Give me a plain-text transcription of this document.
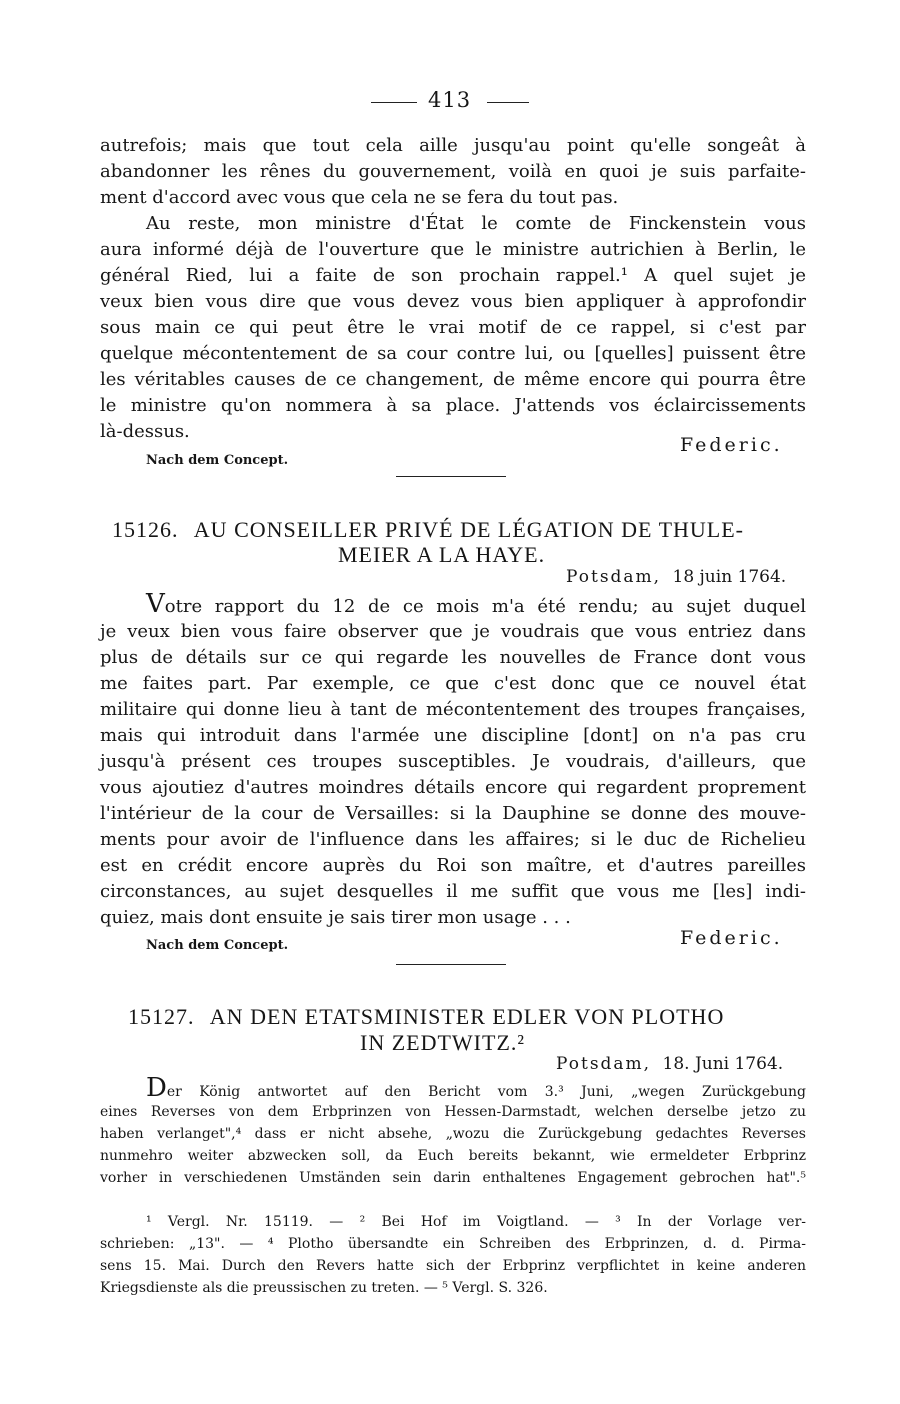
413
autrefois; mais que tout cela aille jusqu'au point qu'elle songeât à
abandonner les rênes du gouvernement, voilà en quoi je suis parfaite-
ment d'accord avec vous que cela ne se fera du tout pas.
Au reste, mon ministre d'État le comte de Finckenstein vous
aura informé déjà de l'ouverture que le ministre autrichien à Berlin, le
général Ried, lui a faite de son prochain rappel.¹ A quel sujet je
veux bien vous dire que vous devez vous bien appliquer à approfondir
sous main ce qui peut être le vrai motif de ce rappel, si c'est par
quelque mécontentement de sa cour contre lui, ou [quelles] puissent être
les véritables causes de ce changement, de même encore qui pourra être
le ministre qu'on nommera à sa place. J'attends vos éclaircissements
là-dessus.
Federic.
Nach dem Concept.
15126. AU CONSEILLER PRIVÉ DE LÉGATION DE THULE-
MEIER A LA HAYE.
Potsdam, 18 juin 1764.
Votre rapport du 12 de ce mois m'a été rendu; au sujet duquel
je veux bien vous faire observer que je voudrais que vous entriez dans
plus de détails sur ce qui regarde les nouvelles de France dont vous
me faites part. Par exemple, ce que c'est donc que ce nouvel état
militaire qui donne lieu à tant de mécontentement des troupes françaises,
mais qui introduit dans l'armée une discipline [dont] on n'a pas cru
jusqu'à présent ces troupes susceptibles. Je voudrais, d'ailleurs, que
vous ajoutiez d'autres moindres détails encore qui regardent proprement
l'intérieur de la cour de Versailles: si la Dauphine se donne des mouve-
ments pour avoir de l'influence dans les affaires; si le duc de Richelieu
est en crédit encore auprès du Roi son maître, et d'autres pareilles
circonstances, au sujet desquelles il me suffit que vous me [les] indi-
quiez, mais dont ensuite je sais tirer mon usage . . .
Federic.
Nach dem Concept.
15127. AN DEN ETATSMINISTER EDLER VON PLOTHO
IN ZEDTWITZ.²
Potsdam, 18. Juni 1764.
Der König antwortet auf den Bericht vom 3.³ Juni, „wegen Zurückgebung
eines Reverses von dem Erbprinzen von Hessen-Darmstadt, welchen derselbe jetzo zu
haben verlanget",⁴ dass er nicht absehe, „wozu die Zurückgebung gedachtes Reverses
nunmehro weiter abzwecken soll, da Euch bereits bekannt, wie ermeldeter Erbprinz
vorher in verschiedenen Umständen sein darin enthaltenes Engagement gebrochen hat".⁵
¹ Vergl. Nr. 15119. — ² Bei Hof im Voigtland. — ³ In der Vorlage ver-
schrieben: „13". — ⁴ Plotho übersandte ein Schreiben des Erbprinzen, d. d. Pirma-
sens 15. Mai. Durch den Revers hatte sich der Erbprinz verpflichtet in keine anderen
Kriegsdienste als die preussischen zu treten. — ⁵ Vergl. S. 326.
